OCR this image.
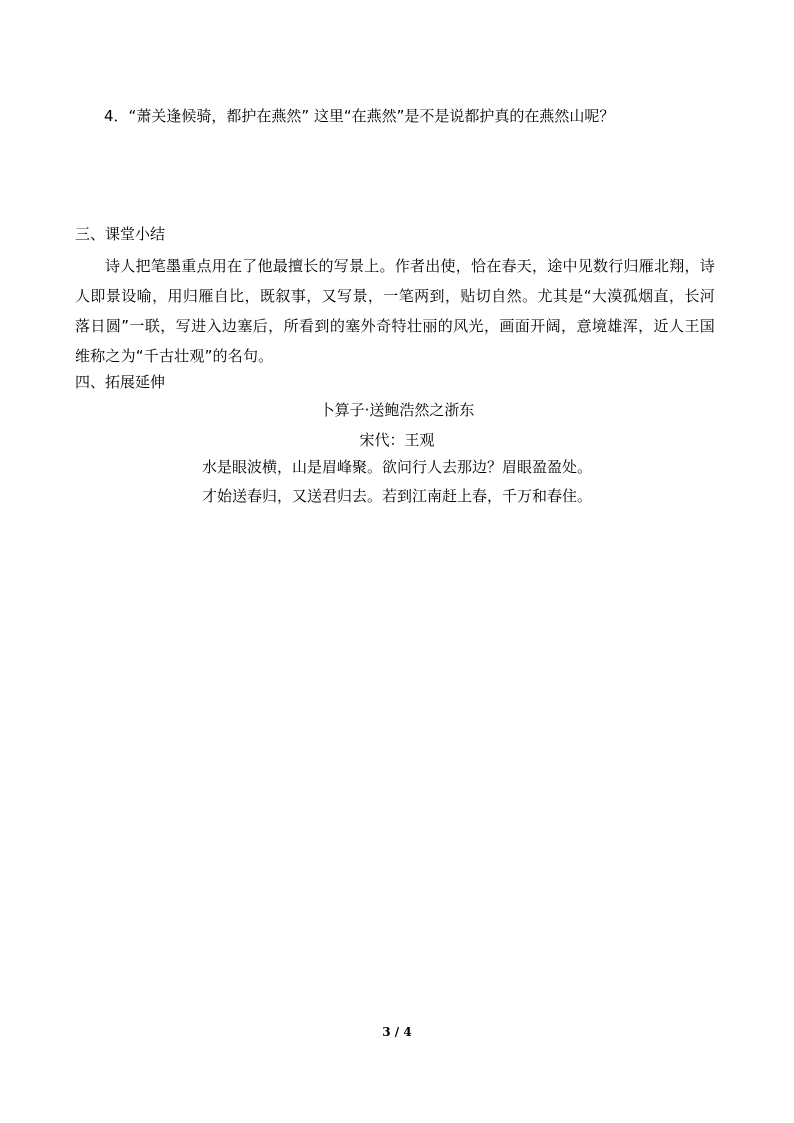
4．“萧关逢候骑，都护在燕然” 这里“在燕然”是不是说都护真的在燕然山呢？
三、课堂小结
诗人把笔墨重点用在了他最擅长的写景上。作者出使，恰在春天，途中见数行归雁北翔，诗人即景设喻，用归雁自比，既叙事，又写景，一笔两到，贴切自然。尤其是“大漠孤烟直，长河落日圆”一联，写进入边塞后，所看到的塞外奇特壮丽的风光，画面开阔，意境雄浑，近人王国维称之为“千古壮观”的名句。
四、拓展延伸
卜算子·送鲍浩然之浙东
宋代：王观
水是眼波横，山是眉峰聚。欲问行人去那边？眉眼盈盈处。
才始送春归，又送君归去。若到江南赶上春，千万和春住。
3 / 4
